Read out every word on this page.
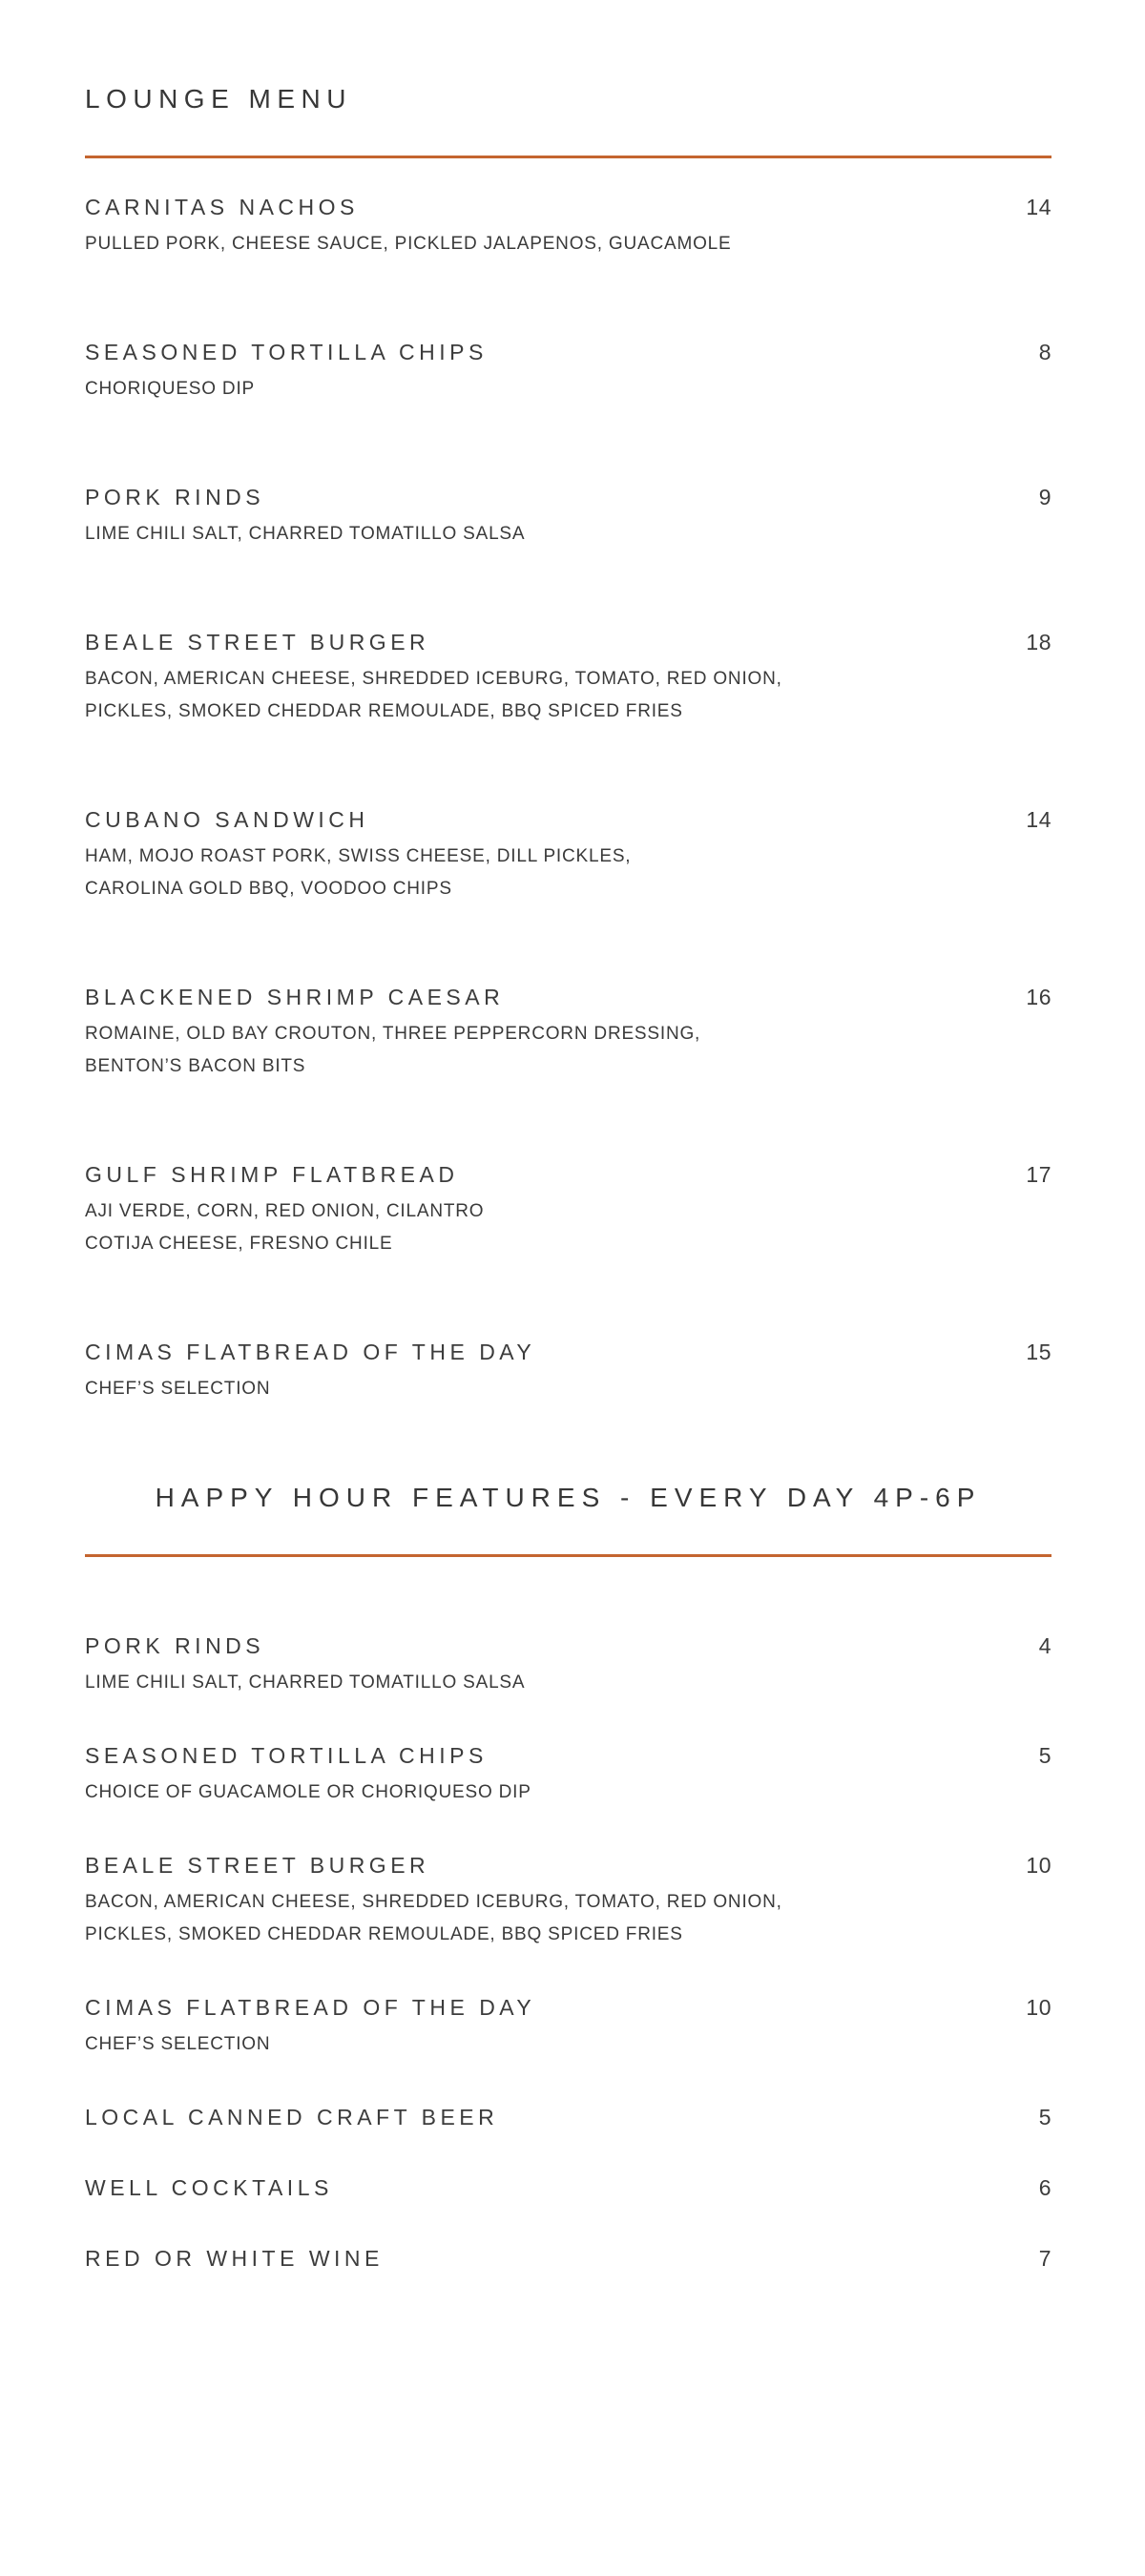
LOUNGE MENU
CARNITAS NACHOS	14
PULLED PORK, CHEESE SAUCE, PICKLED JALAPENOS, GUACAMOLE
SEASONED TORTILLA CHIPS	8
CHORIQUESO DIP
PORK RINDS	9
LIME CHILI SALT, CHARRED TOMATILLO SALSA
BEALE STREET BURGER	18
BACON, AMERICAN CHEESE, SHREDDED ICEBURG, TOMATO, RED ONION,
PICKLES, SMOKED CHEDDAR REMOULADE, BBQ SPICED FRIES
CUBANO SANDWICH	14
HAM, MOJO ROAST PORK, SWISS CHEESE, DILL PICKLES,
CAROLINA GOLD BBQ, VOODOO CHIPS
BLACKENED SHRIMP CAESAR	16
ROMAINE, OLD BAY CROUTON, THREE PEPPERCORN DRESSING,
BENTON’S BACON BITS
GULF SHRIMP FLATBREAD	17
AJI VERDE, CORN, RED ONION, CILANTRO
COTIJA CHEESE, FRESNO CHILE
CIMAS FLATBREAD OF THE DAY	15
CHEF’S SELECTION
HAPPY HOUR FEATURES - EVERY DAY 4P-6P
PORK RINDS	4
LIME CHILI SALT, CHARRED TOMATILLO SALSA
SEASONED TORTILLA CHIPS	5
CHOICE OF GUACAMOLE OR CHORIQUESO DIP
BEALE STREET BURGER	10
BACON, AMERICAN CHEESE, SHREDDED ICEBURG, TOMATO, RED ONION,
PICKLES, SMOKED CHEDDAR REMOULADE, BBQ SPICED FRIES
CIMAS FLATBREAD OF THE DAY	10
CHEF’S SELECTION
LOCAL CANNED CRAFT BEER	5
WELL COCKTAILS	6
RED OR WHITE WINE	7
